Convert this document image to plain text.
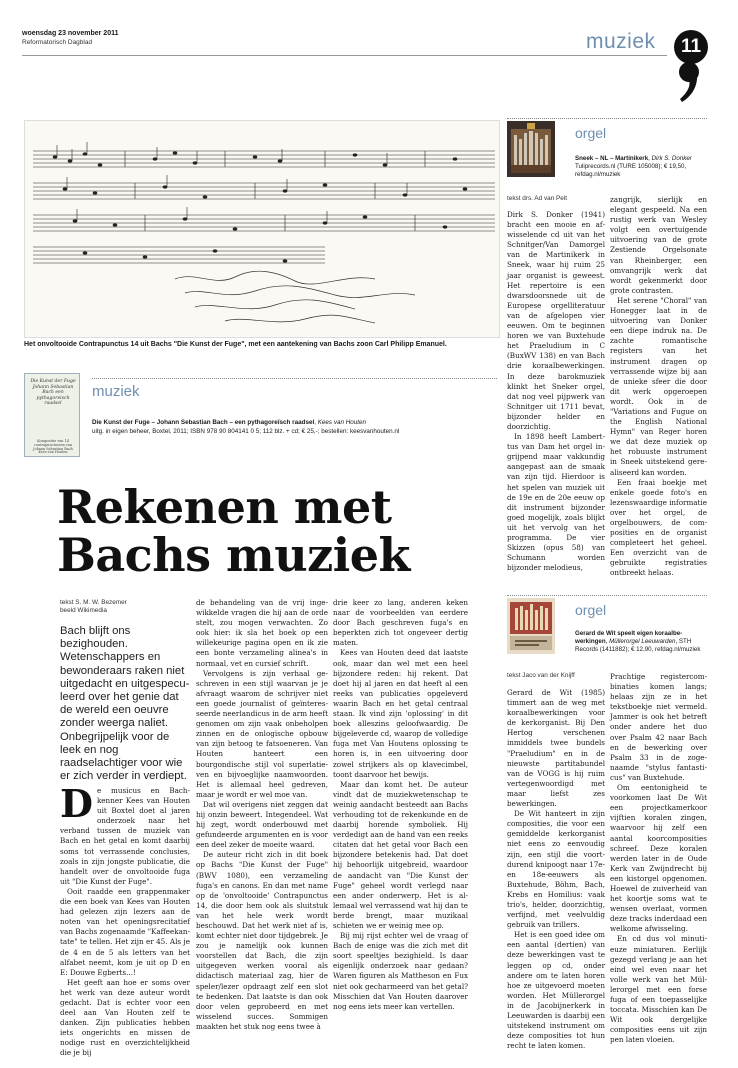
woensdag 23 november 2011
Reformatorisch Dagblad	muziek	11
Het onvoltooide Contrapunctus 14 uit Bachs "Die Kunst der Fuge", met een aantekening van Bachs zoon Carl Philipp Emanuel.
Die Kunst der Fuge Johann Sebastian Bach een pythagoreisch raadsel
Kompositie van 14 contrapunctussen van Johann Sebastian Bach
Kees van Houten
muziek
Die Kunst der Fuge – Johann Sebastian Bach – een pythagoreïsch raadsel, Kees van Houten
uitg. in eigen beheer, Boxtel, 2011; ISBN 978 90 804141 0 5; 112 blz. + cd; € 25,-; bestellen: keesvanhouten.nl
Rekenen met
Bachs muziek
tekst S. M. W. Bezemer
beeld Wikimedia
Bach blijft ons bezighouden. Wetenschappers en bewonderaars raken niet uitgedacht en uitgespeculeerd over het genie dat de wereld een oeuvre zonder weerga naliet. Onbegrijpelijk voor de leek en nog raadselachtiger voor wie er zich verder in verdiept.

De musicus en Bachkenner Kees van Houten uit Boxtel doet al jaren onderzoek naar het verband tussen de muziek van Bach en het getal en komt daarbij soms tot verrassende conclusies, zoals in zijn jongste publicatie, die handelt over de onvoltooide fuga uit "Die Kunst der Fuge".

Ooit raadde een grappenmaker die een boek van Kees van Houten had gelezen zijn lezers aan de noten van het openingsrecitatief van Bachs zogenaamde "Kaffeekantate" te tellen. Het zijn er 45. Als je de 4 en de 5 als letters van het alfabet neemt, kom je uit op D en E: Douwe Egberts...!

Het geeft aan hoe er soms over het werk van deze auteur wordt gedacht. Dat is echter voor een deel aan Van Houten zelf te danken. Zijn publicaties hebben iets ongerichts en missen de nodige rust en overzichtelijkheid die je bij

de behandeling van de vrij ingewikkelde vragen die hij aan de orde stelt, zou mogen verwachten. Zo ook hier: ik sla het boek op een willekeurige pagina open en ik zie een bonte verzameling alinea's in normaal, vet en cursief schrift.

Vervolgens is zijn verhaal geschreven in een stijl waarvan je je afvraagt waarom de schrijver niet een goede journalist of geïnteresseerde neerlandicus in de arm heeft genomen om zijn vaak onbeholpen zinnen en de onlogische opbouw van zijn betoog te fatsoeneren. Van Houten hanteert een bourgondische stijl vol superlatieven en bijvoeglijke naamwoorden. Het is allemaal heel gedreven, maar je wordt er wel moe van.

Dat wil overigens niet zeggen dat hij onzin beweert. Integendeel. Wat hij zegt, wordt onderbouwd met gefundeerde argumenten en is voor een deel zeker de moeite waard.

De auteur richt zich in dit boek op Bachs "Die Kunst der Fuge" (BWV 1080), een verzameling fuga's en canons. En dan met name op de 'onvoltooide' Contrapunctus 14, die door hem ook als sluitstuk van het hele werk wordt beschouwd. Dat het werk niet af is, komt echter niet door tijdgebrek. Je zou je namelijk ook kunnen voorstellen dat Bach, die zijn uitgegeven werken vooral als didactisch materiaal zag, hier de speler/lezer opdraagt zelf een slot te bedenken. Dat laatste is dan ook door velen geprobeerd en met wisselend succes. Sommigen maakten het stuk nog eens twee à

drie keer zo lang, anderen keken naar de voorbeelden van eerdere door Bach geschreven fuga's en beperkten zich tot ongeveer dertig maten.

Kees van Houten deed dat laatste ook, maar dan wel met een heel bijzondere reden: hij rekent. Dat doet hij al jaren en dat heeft al een reeks van publicaties opgeleverd waarin Bach en het getal centraal staan. Ik vind zijn 'oplossing' in dit boek alleszins geloofwaardig. De bijgeleverde cd, waarop de volledige fuga met Van Houtens oplossing te horen is, in een uitvoering door zowel strijkers als op klavecimbel, toont daarvoor het bewijs.

Maar dan komt het. De auteur vindt dat de muziekwetenschap te weinig aandacht besteedt aan Bachs verhouding tot de rekenkunde en de daarbij horende symboliek. Hij verdedigt aan de hand van een reeks citaten dat het getal voor Bach een bijzondere betekenis had. Dat doet hij behoorlijk uitgebreid, waardoor de aandacht van "Die Kunst der Fuge" geheel wordt verlegd naar een ander onderwerp. Het is allemaal wel verrassend wat hij dan te berde brengt, maar muzikaal schieten we er weinig mee op.

Bij mij rijst echter wel de vraag of Bach de enige was die zich met dit soort speeltjes bezighield. Is daar eigenlijk onderzoek naar gedaan? Waren figuren als Mattheson en Fux niet ook gecharmeerd van het getal? Misschien dat Van Houten daarover nog eens iets meer kan vertellen.

orgel
Sneek – NL – Martinikerk, Dirk S. Donker
Tuliprecords.nl (TURE 105008); € 19,50, refdag.nl/muziek
tekst drs. Ad van Pelt

Dirk S. Donker (1941) bracht een mooie en afwisselende cd uit van het Schnitger/Van Damorgel van de Martinikerk in Sneek, waar hij ruim 25 jaar organist is geweest. Het repertoire is een dwarsdoorsnede uit de Europese orgelliteratuur van de afgelopen vier eeuwen. Om te beginnen horen we van Buxtehude het Praeludium in C (BuxWV 138) en van Bach drie koraalbewerkingen. In deze barokmuziek klinkt het Sneker orgel, dat nog veel pijpwerk van Schnitger uit 1711 bevat, bijzonder helder en doorzichtig.

In 1898 heeft Lamberttus van Dam het orgel ingrijpend maar vakkundig aangepast aan de smaak van zijn tijd. Hierdoor is het spelen van muziek uit de 19e en de 20e eeuw op dit instrument bijzonder goed mogelijk, zoals blijkt uit het vervolg van het programma. De vier Skizzen (opus 58) van Schumann worden bijzonder melodieus,

zangrijk, sierlijk en elegant gespeeld. Na een rustig werk van Wesley volgt een overtuigende uitvoering van de grote Zestiende Orgelsonate van Rheinberger, een omvangrijk werk dat wordt gekenmerkt door grote contrasten.

Het serene "Choral" van Honegger laat in de uitvoering van Donker een diepe indruk na. De zachte romantische registers van het instrument dragen op verrassende wijze bij aan de unieke sfeer die door dit werk opgeroepen wordt. Ook in de "Variations and Fugue on the English National Hymn" van Reger horen we dat deze muziek op het robuuste instrument in Sneek uitstekend gerealiseerd kan worden.

Een fraai boekje met enkele goede foto's en lezenswaardige informatie over het orgel, de orgelbouwers, de composities en de organist completeert het geheel. Een overzicht van de gebruikte registraties ontbreekt helaas.

orgel
Gerard de Wit speelt eigen koraalbewerkingen, Müllerorgel Leeuwarden, STH Records (1411882); € 12,90, refdag.nl/muziek
tekst Jaco van der Knijff

Gerard de Wit (1985) timmert aan de weg met koraalbewerkingen voor de kerkorganist. Bij Den Hertog verschenen inmiddels twee bundels "Praeludium" en in de nieuwste partitabundel van de VOGG is hij ruim vertegenwoordigd met maar liefst zes bewerkingen.

De Wit hanteert in zijn composities, die voor een gemiddelde kerkorganist niet eens zo eenvoudig zijn, een stijl die voortdurend knipoogt naar 17e- en 18e-eeuwers als Buxtehude, Böhm, Bach, Krebs en Homilius: vaak trio's, helder, doorzichtig, verfijnd, met veelvuldig gebruik van trillers.

Het is een goed idee om een aantal (dertien) van deze bewerkingen vast te leggen op cd, onder andere om te laten horen hoe ze uitgevoerd moeten worden. Het Müllerorgel in de Jacobijnerkerk in Leeuwarden is daarbij een uitstekend instrument om deze composities tot hun recht te laten komen.

Prachtige registercombinaties komen langs; helaas zijn ze in het tekstboekje niet vermeld. Jammer is ook het betreft onder andere het duo over Psalm 42 naar Bach en de bewerking over Psalm 33 in de zogenaamde "stylus fantasticus" van Buxtehude.

Om eentonigheid te voorkomen laat De Wit een projectkamerkoor vijftien koralen zingen, waarvoor hij zelf een aantal koorcomposities schreef. Deze koralen werden later in de Oude Kerk van Zwijndrecht bij een kistorgel opgenomen. Hoewel de zuiverheid van het koortje soms wat te wensen overlaat, vormen deze tracks inderdaad een welkome afwisseling.

En cd dus vol minutieuze miniaturen. Eerlijk gezegd verlang je aan het eind wel even naar het volle werk van het Müllerorgel met een forse fuga of een toepasselijke toccata. Misschien kan De Wit ook dergelijke composities eens uit zijn pen laten vloeien.
